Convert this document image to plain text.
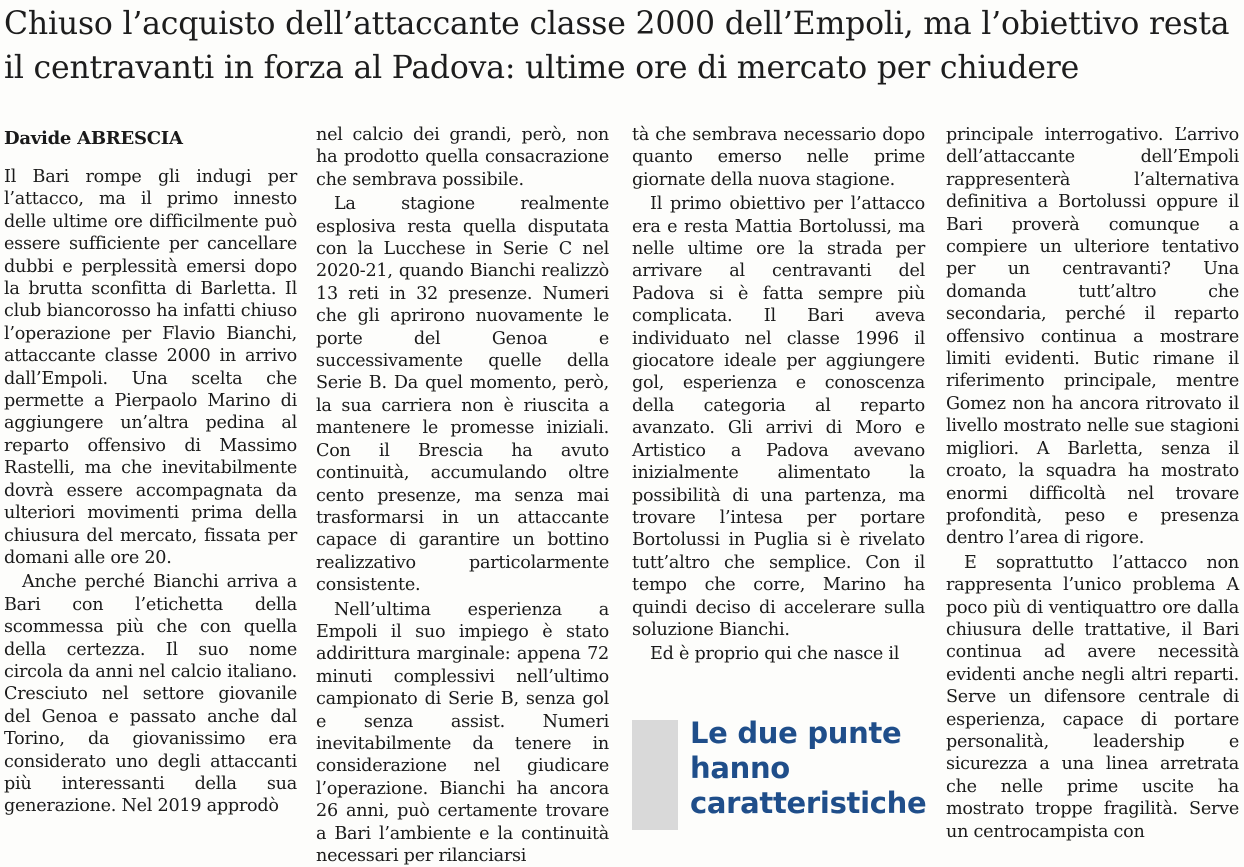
Chiuso l’acquisto dell’attaccante classe 2000 dell’Empoli, ma l’obiettivo resta il centravanti in forza al Padova: ultime ore di mercato per chiudere

Davide ABRESCIA

Il Bari rompe gli indugi per l’attacco, ma il primo innesto delle ultime ore difficilmente può essere sufficiente per cancellare dubbi e perplessità emersi dopo la brutta sconfitta di Barletta. Il club biancorosso ha infatti chiuso l’operazione per Flavio Bianchi, attaccante classe 2000 in arrivo dall’Empoli. Una scelta che permette a Pierpaolo Marino di aggiungere un’altra pedina al reparto offensivo di Massimo Rastelli, ma che inevitabilmente dovrà essere accompagnata da ulteriori movimenti prima della chiusura del mercato, fissata per domani alle ore 20.

Anche perché Bianchi arriva a Bari con l’etichetta della scommessa più che con quella della certezza. Il suo nome circola da anni nel calcio italiano. Cresciuto nel settore giovanile del Genoa e passato anche dal Torino, da giovanissimo era considerato uno degli attaccanti più interessanti della sua generazione. Nel 2019 approdò

nel calcio dei grandi, però, non ha prodotto quella consacrazione che sembrava possibile.

La stagione realmente esplosiva resta quella disputata con la Lucchese in Serie C nel 2020-21, quando Bianchi realizzò 13 reti in 32 presenze. Numeri che gli aprirono nuovamente le porte del Genoa e successivamente quelle della Serie B. Da quel momento, però, la sua carriera non è riuscita a mantenere le promesse iniziali. Con il Brescia ha avuto continuità, accumulando oltre cento presenze, ma senza mai trasformarsi in un attaccante capace di garantire un bottino realizzativo particolarmente consistente.

Nell’ultima esperienza a Empoli il suo impiego è stato addirittura marginale: appena 72 minuti complessivi nell’ultimo campionato di Serie B, senza gol e senza assist. Numeri inevitabilmente da tenere in considerazione nel giudicare l’operazione. Bianchi ha ancora 26 anni, può certamente trovare a Bari l’ambiente e la continuità necessari per rilanciarsi

tà che sembrava necessario dopo quanto emerso nelle prime giornate della nuova stagione.

Il primo obiettivo per l’attacco era e resta Mattia Bortolussi, ma nelle ultime ore la strada per arrivare al centravanti del Padova si è fatta sempre più complicata. Il Bari aveva individuato nel classe 1996 il giocatore ideale per aggiungere gol, esperienza e conoscenza della categoria al reparto avanzato. Gli arrivi di Moro e Artistico a Padova avevano inizialmente alimentato la possibilità di una partenza, ma trovare l’intesa per portare Bortolussi in Puglia si è rivelato tutt’altro che semplice. Con il tempo che corre, Marino ha quindi deciso di accelerare sulla soluzione Bianchi.

Ed è proprio qui che nasce il

Le due punte hanno caratteristiche

principale interrogativo. L’arrivo dell’attaccante dell’Empoli rappresenterà l’alternativa definitiva a Bortolussi oppure il Bari proverà comunque a compiere un ulteriore tentativo per un centravanti? Una domanda tutt’altro che secondaria, perché il reparto offensivo continua a mostrare limiti evidenti. Butic rimane il riferimento principale, mentre Gomez non ha ancora ritrovato il livello mostrato nelle sue stagioni migliori. A Barletta, senza il croato, la squadra ha mostrato enormi difficoltà nel trovare profondità, peso e presenza dentro l’area di rigore.

E soprattutto l’attacco non rappresenta l’unico problema A poco più di ventiquattro ore dalla chiusura delle trattative, il Bari continua ad avere necessità evidenti anche negli altri reparti. Serve un difensore centrale di esperienza, capace di portare personalità, leadership e sicurezza a una linea arretrata che nelle prime uscite ha mostrato troppe fragilità. Serve un centrocampista con
